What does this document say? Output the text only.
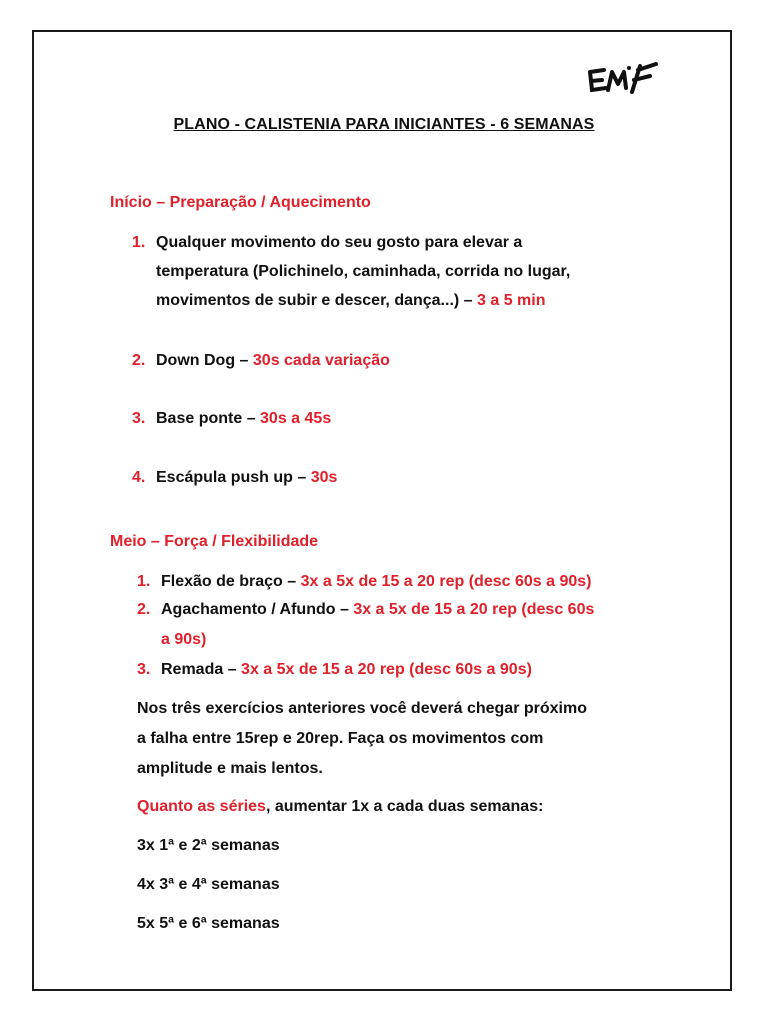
PLANO - CALISTENIA PARA INICIANTES - 6 SEMANAS
Início – Preparação / Aquecimento
1. Qualquer movimento do seu gosto para elevar a
temperatura (Polichinelo, caminhada, corrida no lugar,
movimentos de subir e descer, dança...) – 3 a 5 min
2. Down Dog – 30s cada variação
3. Base ponte – 30s a 45s
4. Escápula push up – 30s
Meio – Força / Flexibilidade
1. Flexão de braço – 3x a 5x de 15 a 20 rep (desc 60s a 90s)
2. Agachamento / Afundo – 3x a 5x de 15 a 20 rep (desc 60s
a 90s)
3. Remada – 3x a 5x de 15 a 20 rep (desc 60s a 90s)
Nos três exercícios anteriores você deverá chegar próximo
a falha entre 15rep e 20rep. Faça os movimentos com
amplitude e mais lentos.
Quanto as séries, aumentar 1x a cada duas semanas:
3x 1ª e 2ª semanas
4x 3ª e 4ª semanas
5x 5ª e 6ª semanas
